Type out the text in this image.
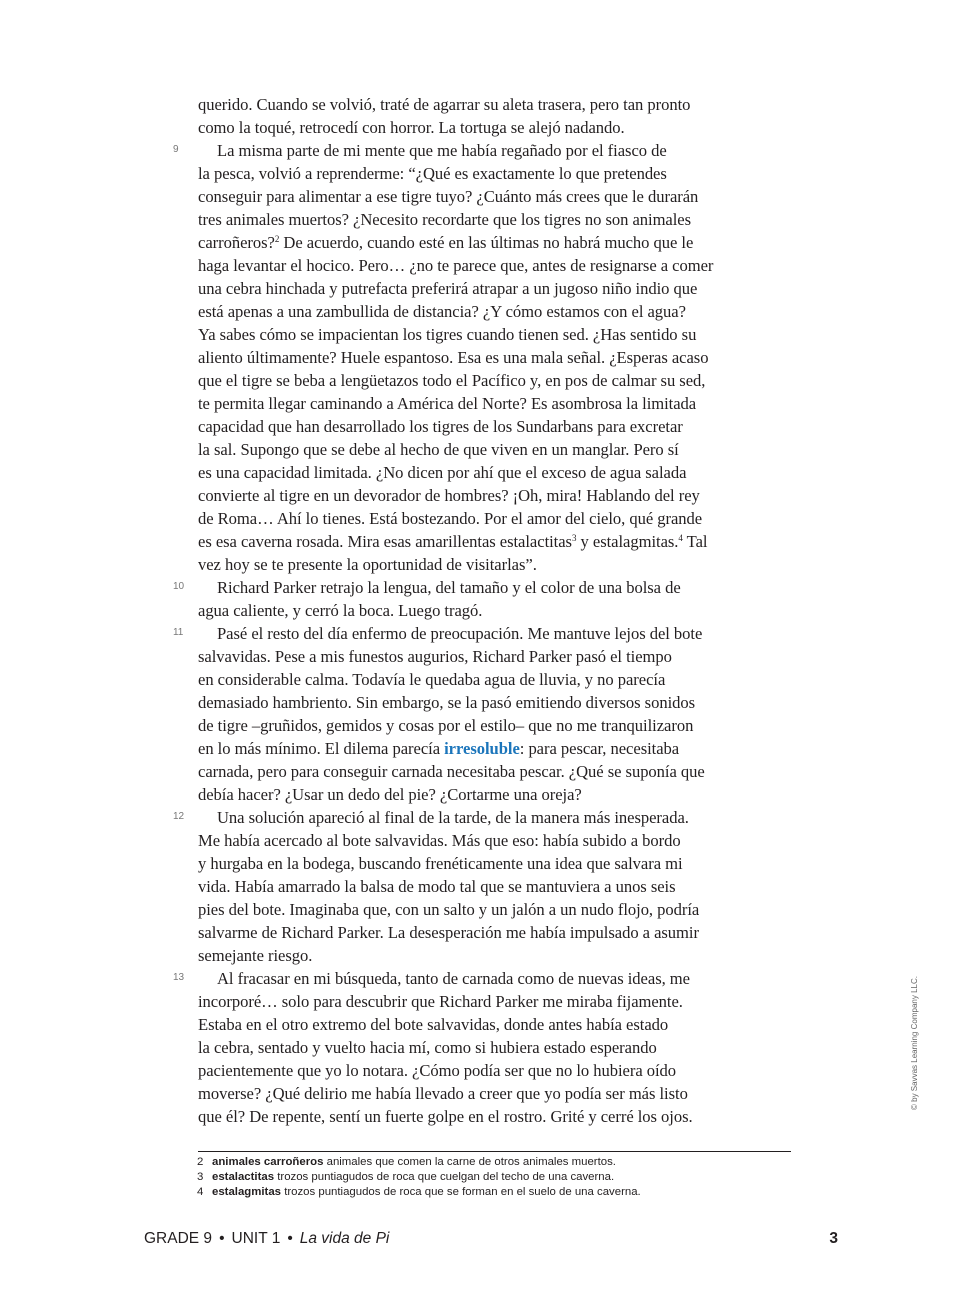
querido. Cuando se volvió, traté de agarrar su aleta trasera, pero tan pronto
como la toqué, retrocedí con horror. La tortuga se alejó nadando.

9	La misma parte de mi mente que me había regañado por el fiasco de
la pesca, volvió a reprenderme: “¿Qué es exactamente lo que pretendes
conseguir para alimentar a ese tigre tuyo? ¿Cuánto más crees que le durarán
tres animales muertos? ¿Necesito recordarte que los tigres no son animales
carroñeros?$^2$ De acuerdo, cuando esté en las últimas no habrá mucho que le
haga levantar el hocico. Pero… ¿no te parece que, antes de resignarse a comer
una cebra hinchada y putrefacta preferirá atrapar a un jugoso niño indio que
está apenas a una zambullida de distancia? ¿Y cómo estamos con el agua?
Ya sabes cómo se impacientan los tigres cuando tienen sed. ¿Has sentido su
aliento últimamente? Huele espantoso. Esa es una mala señal. ¿Esperas acaso
que el tigre se beba a lengüetazos todo el Pacífico y, en pos de calmar su sed,
te permita llegar caminando a América del Norte? Es asombrosa la limitada
capacidad que han desarrollado los tigres de los Sundarbans para excretar
la sal. Supongo que se debe al hecho de que viven en un manglar. Pero sí
es una capacidad limitada. ¿No dicen por ahí que el exceso de agua salada
convierte al tigre en un devorador de hombres? ¡Oh, mira! Hablando del rey
de Roma… Ahí lo tienes. Está bostezando. Por el amor del cielo, qué grande
es esa caverna rosada. Mira esas amarillentas estalactitas$^3$ y estalagmitas.$^4$ Tal
vez hoy se te presente la oportunidad de visitarlas”.

10	Richard Parker retrajo la lengua, del tamaño y el color de una bolsa de
agua caliente, y cerró la boca. Luego tragó.

11	Pasé el resto del día enfermo de preocupación. Me mantuve lejos del bote
salvavidas. Pese a mis funestos augurios, Richard Parker pasó el tiempo
en considerable calma. Todavía le quedaba agua de lluvia, y no parecía
demasiado hambriento. Sin embargo, se la pasó emitiendo diversos sonidos
de tigre –gruñidos, gemidos y cosas por el estilo– que no me tranquilizaron
en lo más mínimo. El dilema parecía irresoluble: para pescar, necesitaba
carnada, pero para conseguir carnada necesitaba pescar. ¿Qué se suponía que
debía hacer? ¿Usar un dedo del pie? ¿Cortarme una oreja?

12	Una solución apareció al final de la tarde, de la manera más inesperada.
Me había acercado al bote salvavidas. Más que eso: había subido a bordo
y hurgaba en la bodega, buscando frenéticamente una idea que salvara mi
vida. Había amarrado la balsa de modo tal que se mantuviera a unos seis
pies del bote. Imaginaba que, con un salto y un jalón a un nudo flojo, podría
salvarme de Richard Parker. La desesperación me había impulsado a asumir
semejante riesgo.

13	Al fracasar en mi búsqueda, tanto de carnada como de nuevas ideas, me
incorporé… solo para descubrir que Richard Parker me miraba fijamente.
Estaba en el otro extremo del bote salvavidas, donde antes había estado
la cebra, sentado y vuelto hacia mí, como si hubiera estado esperando
pacientemente que yo lo notara. ¿Cómo podía ser que no lo hubiera oído
moverse? ¿Qué delirio me había llevado a creer que yo podía ser más listo
que él? De repente, sentí un fuerte golpe en el rostro. Grité y cerré los ojos.

2 animales carroñeros animales que comen la carne de otros animales muertos.
3 estalactitas trozos puntiagudos de roca que cuelgan del techo de una caverna.
4 estalagmitas trozos puntiagudos de roca que se forman en el suelo de una caverna.
© by Savvas Learning Company LLC.
GRADE 9 • UNIT 1 • La vida de Pi	3
